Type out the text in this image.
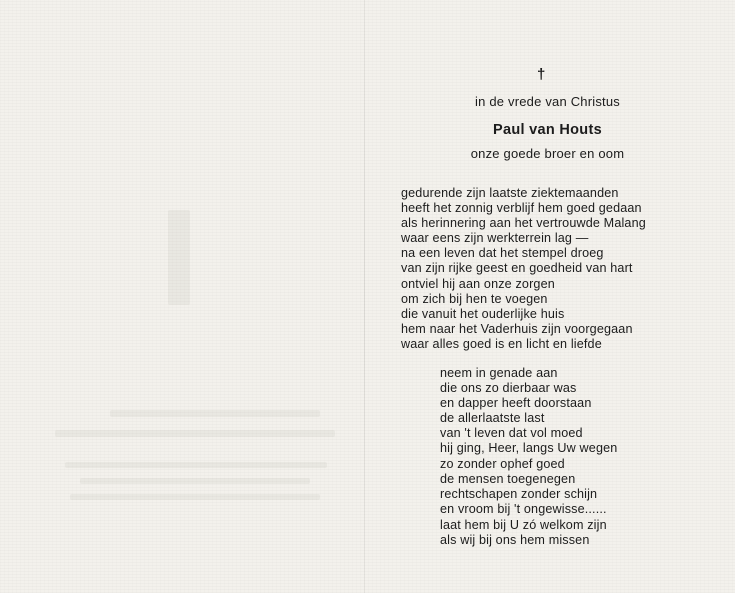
†
in de vrede van Christus
Paul van Houts
onze goede broer en oom
gedurende zijn laatste ziektemaanden
heeft het zonnig verblijf hem goed gedaan
als herinnering aan het vertrouwde Malang
waar eens zijn werkterrein lag —
na een leven dat het stempel droeg
van zijn rijke geest en goedheid van hart
ontviel hij aan onze zorgen
om zich bij hen te voegen
die vanuit het ouderlijke huis
hem naar het Vaderhuis zijn voorgegaan
waar alles goed is en licht en liefde
neem in genade aan
die ons zo dierbaar was
en dapper heeft doorstaan
de allerlaatste last
van 't leven dat vol moed
hij ging, Heer, langs Uw wegen
zo zonder ophef goed
de mensen toegenegen
rechtschapen zonder schijn
en vroom bij 't ongewisse......
laat hem bij U zó welkom zijn
als wij bij ons hem missen
